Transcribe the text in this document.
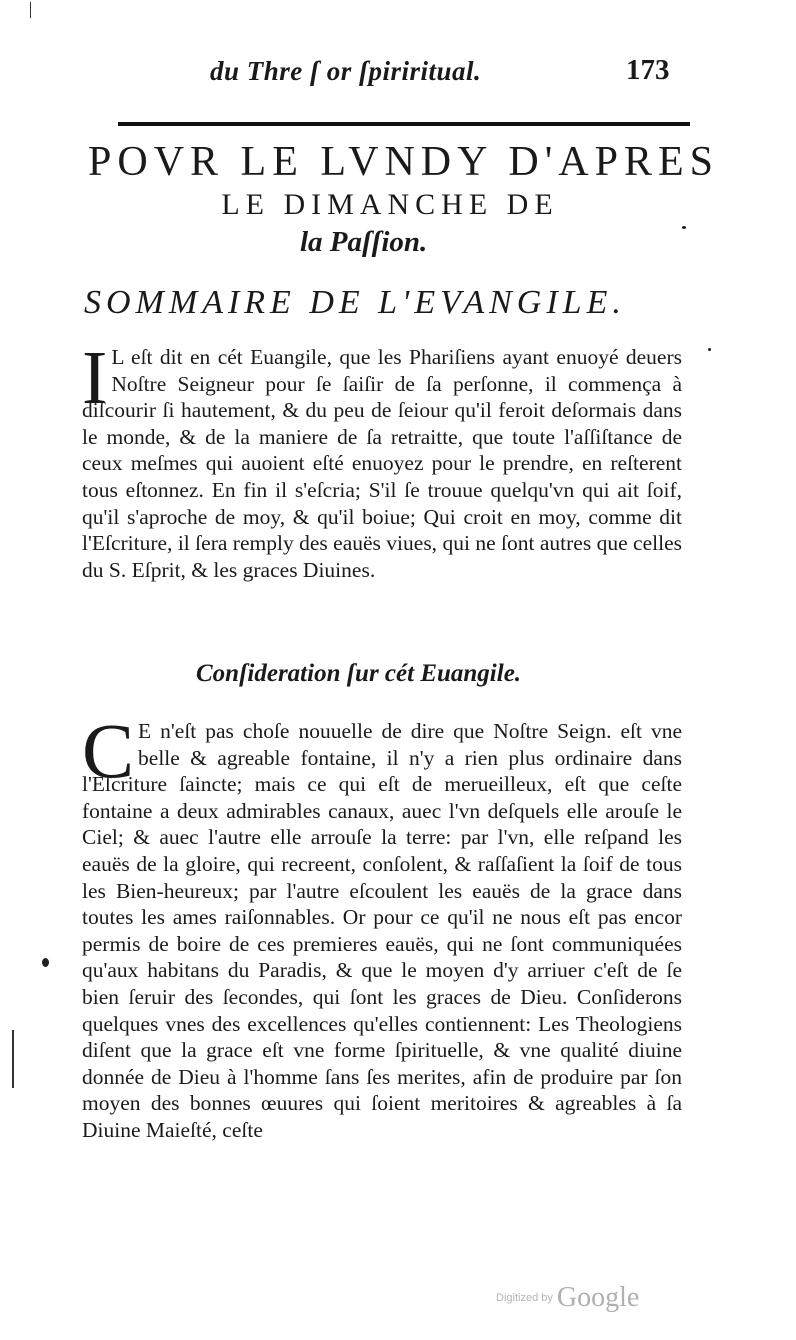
du Thre ſ or ſpiriritual.	173
POVR LE LVNDY D'APRES
LE DIMANCHE DE
la Paſſion.
SOMMAIRE DE L'EVANGILE.

I L eſt dit en cét Euangile, que les Phariſiens ayant enuoyé deuers Noſtre Seigneur pour ſe ſaiſir de ſa perſonne, il commença à diſcourir ſi hautement, & du peu de ſeiour qu'il feroit deſormais dans le monde, & de la maniere de ſa retraitte, que toute l'aſſiſtance de ceux meſmes qui auoient eſté enuoyez pour le prendre, en reſterent tous eſtonnez. En fin il s'eſcria; S'il ſe trouue quelqu'vn qui ait ſoif, qu'il s'aproche de moy, & qu'il boiue; Qui croit en moy, comme dit l'Eſcriture, il ſera remply des eauës viues, qui ne ſont autres que celles du S. Eſprit, & les graces Diuines.

Conſideration ſur cét Euangile.

C E n'eſt pas choſe nouuelle de dire que Noſtre Seign. eſt vne belle & agreable fontaine, il n'y a rien plus ordinaire dans l'Eſcriture ſaincte; mais ce qui eſt de merueilleux, eſt que ceſte fontaine a deux admirables canaux, auec l'vn deſquels elle arouſe le Ciel; & auec l'autre elle arrouſe la terre: par l'vn, elle reſpand les eauës de la gloire, qui recreent, conſolent, & raſſaſient la ſoif de tous les Bien-heureux; par l'autre eſcoulent les eauës de la grace dans toutes les ames raiſonnables. Or pour ce qu'il ne nous eſt pas encor permis de boire de ces premieres eauës, qui ne ſont communiquées qu'aux habitans du Paradis, & que le moyen d'y arriuer c'eſt de ſe bien ſeruir des ſecondes, qui ſont les graces de Dieu. Conſiderons quelques vnes des excellences qu'elles contiennent: Les Theologiens diſent que la grace eſt vne forme ſpirituelle, & vne qualité diuine donnée de Dieu à l'homme ſans ſes merites, afin de produire par ſon moyen des bonnes œuures qui ſoient meritoires & agreables à ſa Diuine Maieſté, ceſte

Digitized by Google
